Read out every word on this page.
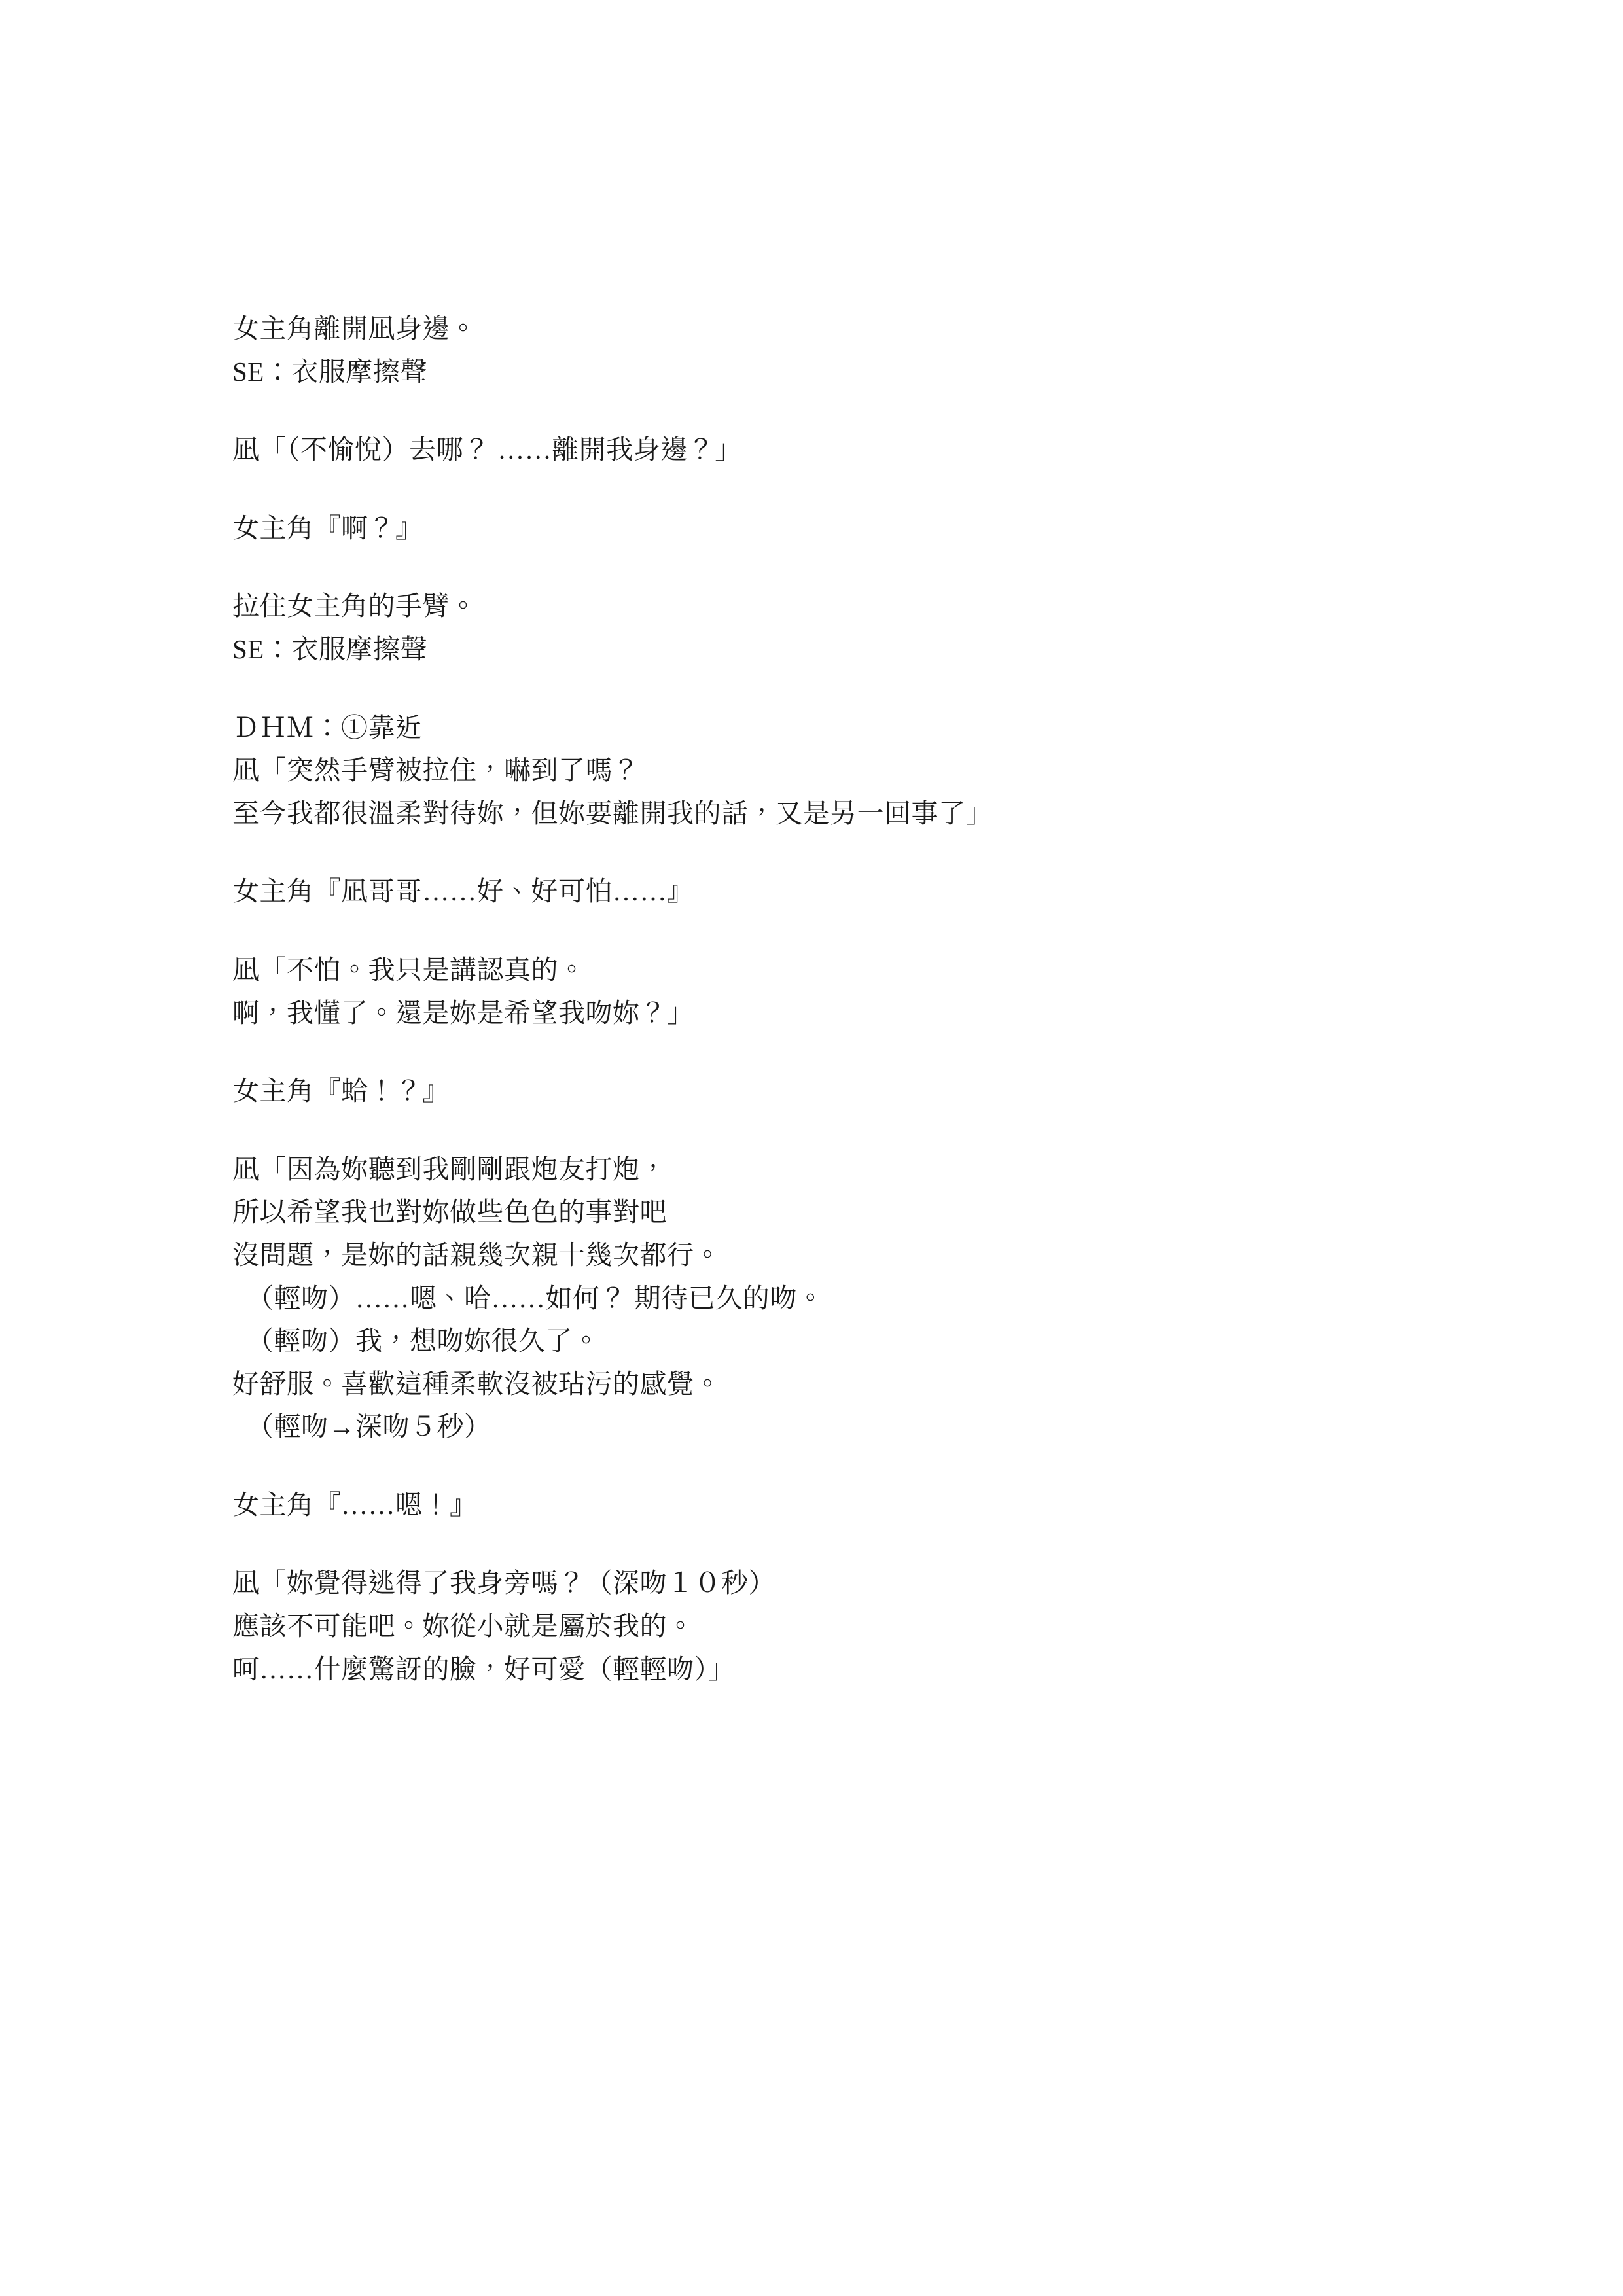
女主角離開凪身邊。
SE：衣服摩擦聲
凪「（不愉悅）去哪？ ……離開我身邊？」
女主角『啊？』
拉住女主角的手臂。
SE：衣服摩擦聲
ＤＨＭ：①靠近
凪「突然手臂被拉住，嚇到了嗎？
至今我都很溫柔對待妳，但妳要離開我的話，又是另一回事了」
女主角『凪哥哥……好、好可怕……』
凪「不怕。我只是講認真的。
啊，我懂了。還是妳是希望我吻妳？」
女主角『蛤！？』
凪「因為妳聽到我剛剛跟炮友打炮，
所以希望我也對妳做些色色的事對吧
沒問題，是妳的話親幾次親十幾次都行。
（輕吻）……嗯、哈……如何？ 期待已久的吻。
（輕吻）我，想吻妳很久了。
好舒服。喜歡這種柔軟沒被玷污的感覺。
（輕吻→深吻５秒）
女主角『……嗯！』
凪「妳覺得逃得了我身旁嗎？（深吻１０秒）
應該不可能吧。妳從小就是屬於我的。
呵……什麼驚訝的臉，好可愛（輕輕吻）」
